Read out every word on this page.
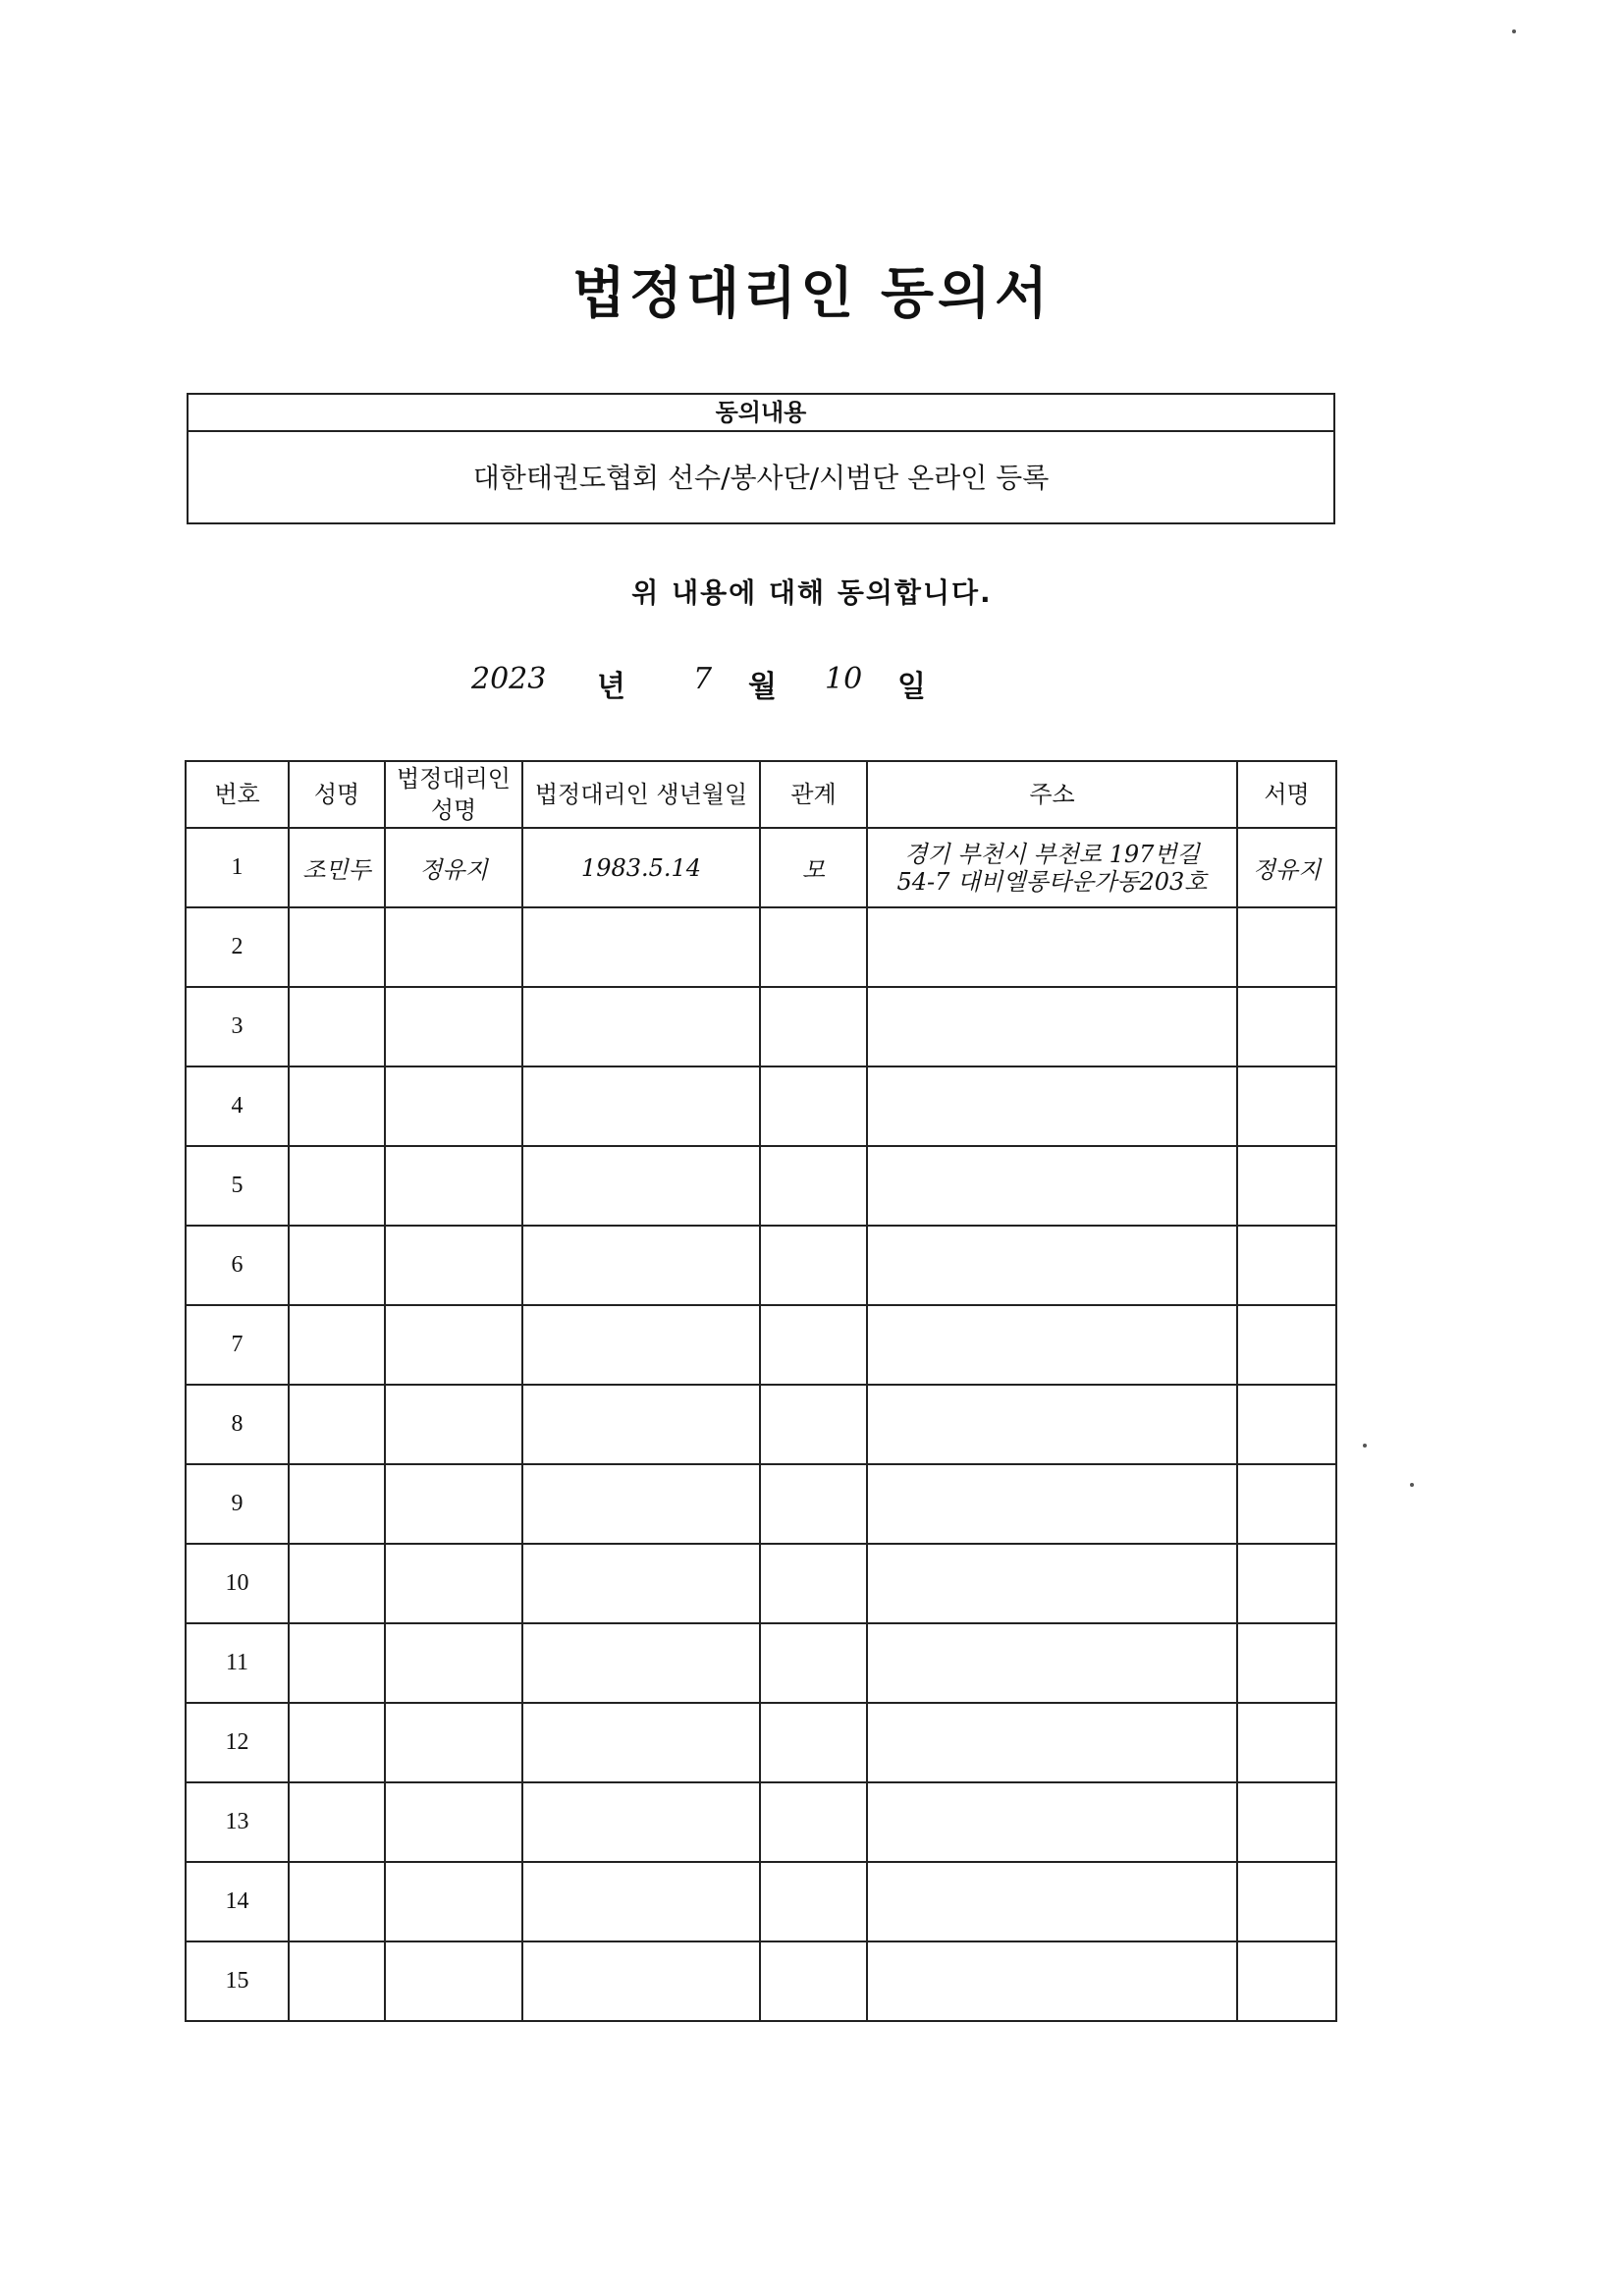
법정대리인 동의서
동의내용
대한태권도협회 선수/봉사단/시범단 온라인 등록
위 내용에 대해 동의합니다.
2023 년 7 월 10 일
번호	성명	법정대리인 성명	법정대리인 생년월일	관계	주소	서명
1	조민두	정유지	1983.5.14	모	경기 부천시 부천로 197번길
54-7 대비엘롱타운가동203호	정유지
2						
3						
4						
5						
6						
7						
8						
9						
10						
11						
12						
13						
14						
15						
